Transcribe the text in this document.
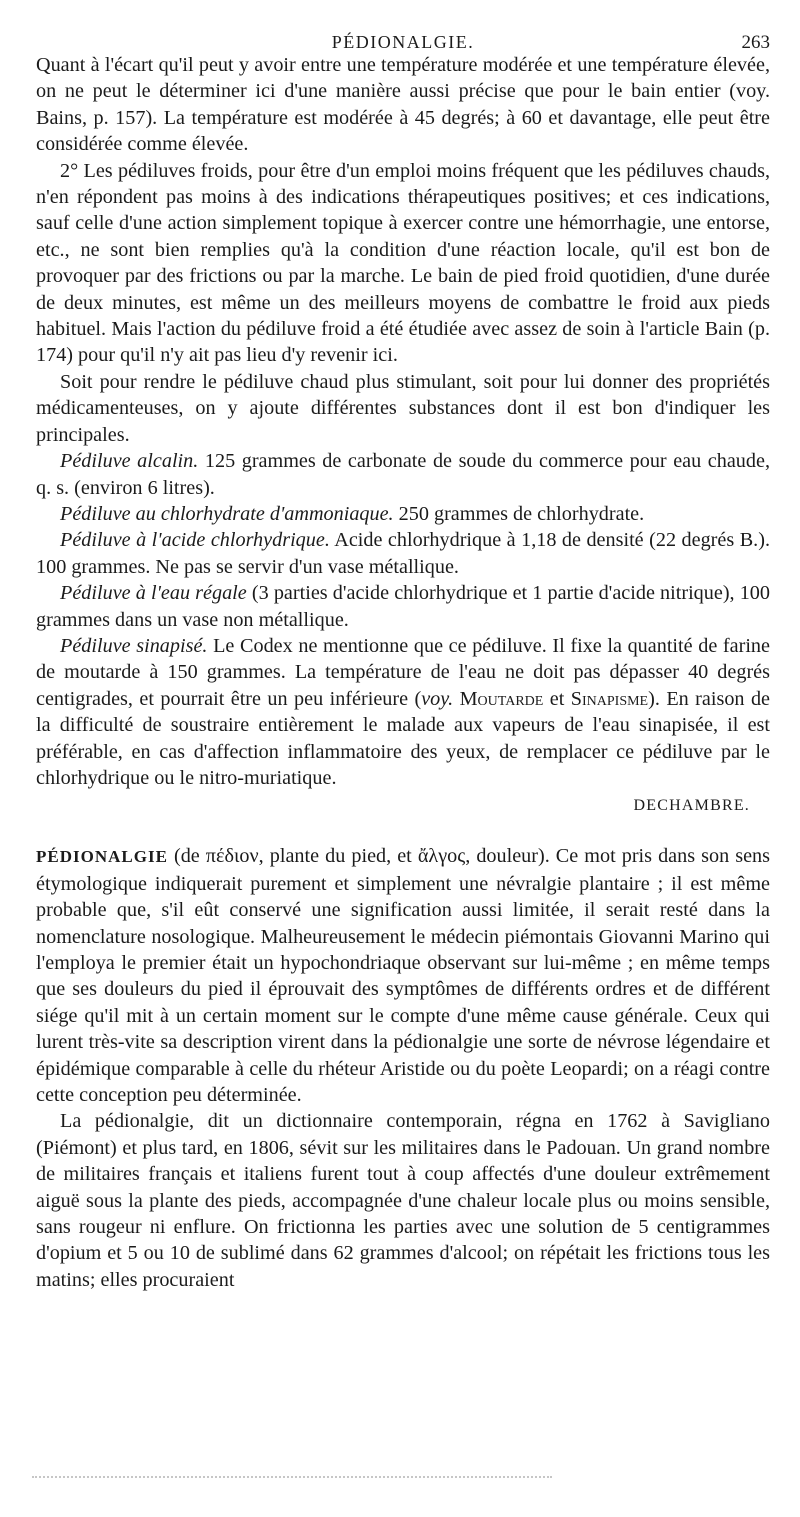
PÉDIONALGIE.	263

Quant à l'écart qu'il peut y avoir entre une température modérée et une température élevée, on ne peut le déterminer ici d'une manière aussi précise que pour le bain entier (voy. Bains, p. 157). La température est modérée à 45 degrés; à 60 et davantage, elle peut être considérée comme élevée.

2° Les pédiluves froids, pour être d'un emploi moins fréquent que les pédiluves chauds, n'en répondent pas moins à des indications thérapeutiques positives; et ces indications, sauf celle d'une action simplement topique à exercer contre une hémorrhagie, une entorse, etc., ne sont bien remplies qu'à la condition d'une réaction locale, qu'il est bon de provoquer par des frictions ou par la marche. Le bain de pied froid quotidien, d'une durée de deux minutes, est même un des meilleurs moyens de combattre le froid aux pieds habituel. Mais l'action du pédiluve froid a été étudiée avec assez de soin à l'article Bain (p. 174) pour qu'il n'y ait pas lieu d'y revenir ici.

Soit pour rendre le pédiluve chaud plus stimulant, soit pour lui donner des propriétés médicamenteuses, on y ajoute différentes substances dont il est bon d'indiquer les principales.

Pédiluve alcalin. 125 grammes de carbonate de soude du commerce pour eau chaude, q. s. (environ 6 litres).

Pédiluve au chlorhydrate d'ammoniaque. 250 grammes de chlorhydrate.

Pédiluve à l'acide chlorhydrique. Acide chlorhydrique à 1,18 de densité (22 degrés B.). 100 grammes. Ne pas se servir d'un vase métallique.

Pédiluve à l'eau régale (3 parties d'acide chlorhydrique et 1 partie d'acide nitrique), 100 grammes dans un vase non métallique.

Pédiluve sinapisé. Le Codex ne mentionne que ce pédiluve. Il fixe la quantité de farine de moutarde à 150 grammes. La température de l'eau ne doit pas dépasser 40 degrés centigrades, et pourrait être un peu inférieure (voy. Moutarde et Sinapisme). En raison de la difficulté de soustraire entièrement le malade aux vapeurs de l'eau sinapisée, il est préférable, en cas d'affection inflammatoire des yeux, de remplacer ce pédiluve par le chlorhydrique ou le nitro-muriatique.

DECHAMBRE.

PÉDIONALGIE (de πέδιον, plante du pied, et ἄλγος, douleur). Ce mot pris dans son sens étymologique indiquerait purement et simplement une névralgie plantaire ; il est même probable que, s'il eût conservé une signification aussi limitée, il serait resté dans la nomenclature nosologique. Malheureusement le médecin piémontais Giovanni Marino qui l'employa le premier était un hypochondriaque observant sur lui-même ; en même temps que ses douleurs du pied il éprouvait des symptômes de différents ordres et de différent siége qu'il mit à un certain moment sur le compte d'une même cause générale. Ceux qui lurent très-vite sa description virent dans la pédionalgie une sorte de névrose légendaire et épidémique comparable à celle du rhéteur Aristide ou du poète Leopardi; on a réagi contre cette conception peu déterminée.

La pédionalgie, dit un dictionnaire contemporain, régna en 1762 à Savigliano (Piémont) et plus tard, en 1806, sévit sur les militaires dans le Padouan. Un grand nombre de militaires français et italiens furent tout à coup affectés d'une douleur extrêmement aiguë sous la plante des pieds, accompagnée d'une chaleur locale plus ou moins sensible, sans rougeur ni enflure. On frictionna les parties avec une solution de 5 centigrammes d'opium et 5 ou 10 de sublimé dans 62 grammes d'alcool; on répétait les frictions tous les matins; elles procuraient
